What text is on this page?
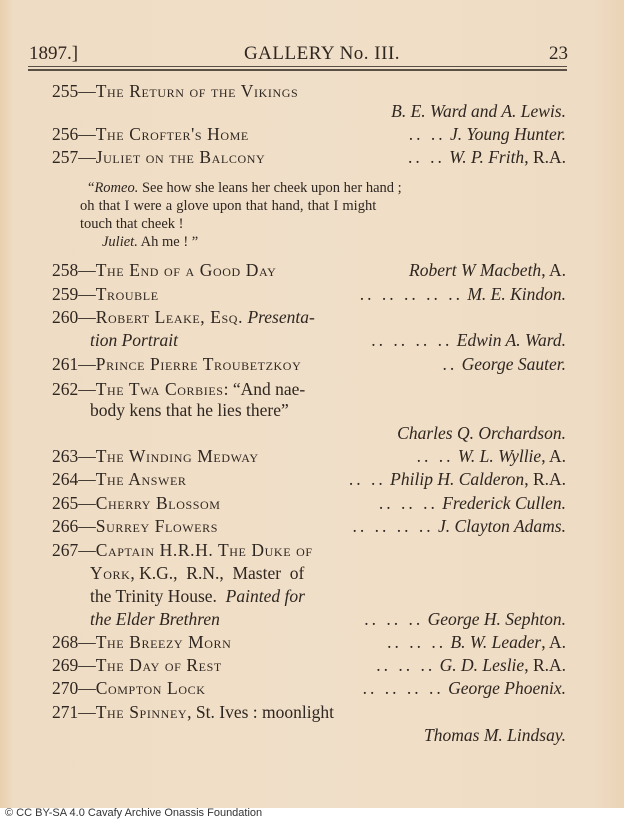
1897.]	GALLERY No. III.	23
255—The Return of the Vikings
B. E. Ward and A. Lewis.
256—The Crofter's Home	.. .. J. Young Hunter.
257—Juliet on the Balcony	.. .. W. P. Frith, R.A.
258—The End of a Good Day	Robert W Macbeth, A.
259—Trouble	.. .. .. .. .. M. E. Kindon.
260—Robert Leake, Esq. Presenta-
tion Portrait	.. .. .. .. Edwin A. Ward.
261—Prince Pierre Troubetzkoy	.. George Sauter.
262—The Twa Corbies: “And nae-
body kens that he lies there”
Charles Q. Orchardson.
263—The Winding Medway	.. .. W. L. Wyllie, A.
264—The Answer	.. .. Philip H. Calderon, R.A.
265—Cherry Blossom	.. .. .. Frederick Cullen.
266—Surrey Flowers	.. .. .. .. J. Clayton Adams.
267—Captain H.R.H. The Duke of
York, K.G.,  R.N.,  Master  of
the Trinity House. Painted for
the Elder Brethren	.. .. .. George H. Sephton.
268—The Breezy Morn	.. .. .. B. W. Leader, A.
269—The Day of Rest	.. .. .. G. D. Leslie, R.A.
270—Compton Lock	.. .. .. .. George Phoenix.
271—The Spinney, St. Ives : moonlight
Thomas M. Lindsay.
“Romeo. See how she leans her cheek upon her hand ;
oh that I were a glove upon that hand, that I might
touch that cheek !
Juliet. Ah me ! ”
© CC BY-SA 4.0 Cavafy Archive Onassis Foundation
